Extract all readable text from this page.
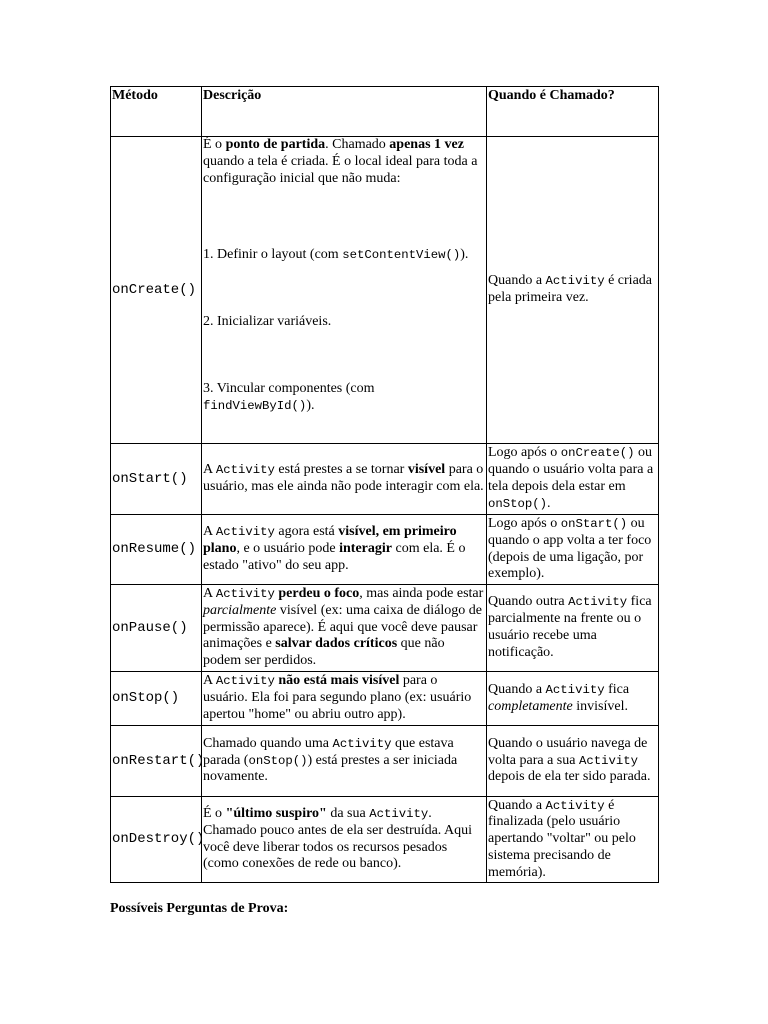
Método	Descrição	Quando é Chamado?
onCreate()	É o ponto de partida. Chamado apenas 1 vez quando a tela é criada. É o local ideal para toda a configuração inicial que não muda:

1. Definir o layout (com setContentView()).

2. Inicializar variáveis.

3. Vincular componentes (com findViewById()).	Quando a Activity é criada pela primeira vez.
onStart()	A Activity está prestes a se tornar visível para o usuário, mas ele ainda não pode interagir com ela.	Logo após o onCreate() ou quando o usuário volta para a tela depois dela estar em onStop().
onResume()	A Activity agora está visível, em primeiro plano, e o usuário pode interagir com ela. É o estado "ativo" do seu app.	Logo após o onStart() ou quando o app volta a ter foco (depois de uma ligação, por exemplo).
onPause()	A Activity perdeu o foco, mas ainda pode estar parcialmente visível (ex: uma caixa de diálogo de permissão aparece). É aqui que você deve pausar animações e salvar dados críticos que não podem ser perdidos.	Quando outra Activity fica parcialmente na frente ou o usuário recebe uma notificação.
onStop()	A Activity não está mais visível para o usuário. Ela foi para segundo plano (ex: usuário apertou "home" ou abriu outro app).	Quando a Activity fica completamente invisível.
onRestart()	Chamado quando uma Activity que estava parada (onStop()) está prestes a ser iniciada novamente.	Quando o usuário navega de volta para a sua Activity depois de ela ter sido parada.
onDestroy()	É o "último suspiro" da sua Activity. Chamado pouco antes de ela ser destruída. Aqui você deve liberar todos os recursos pesados (como conexões de rede ou banco).	Quando a Activity é finalizada (pelo usuário apertando "voltar" ou pelo sistema precisando de memória).

Possíveis Perguntas de Prova:
